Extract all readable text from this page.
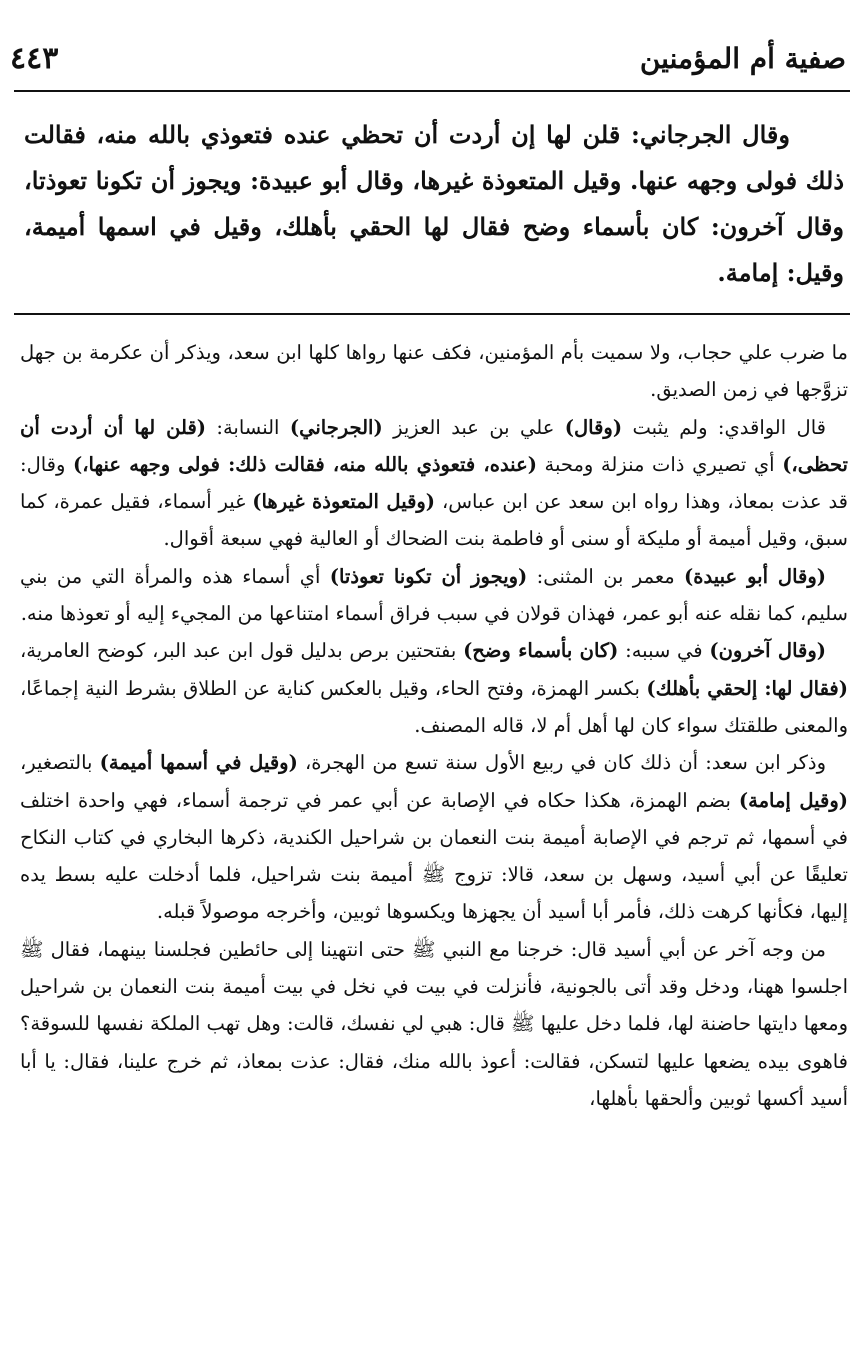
٤٤٣	صفية أم المؤمنين

وقال الجرجاني: قلن لها إن أردت أن تحظي عنده فتعوذي بالله منه، فقالت ذلك فولى وجهه عنها. وقيل المتعوذة غيرها، وقال أبو عبيدة: ويجوز أن تكونا تعوذتا، وقال آخرون: كان بأسماء وضح فقال لها الحقي بأهلك، وقيل في اسمها أميمة، وقيل: إمامة.

ما ضرب علي حجاب، ولا سميت بأم المؤمنين، فكف عنها رواها كلها ابن سعد، ويذكر أن عكرمة بن جهل تزوَّجها في زمن الصديق.

قال الواقدي: ولم يثبت (وقال) علي بن عبد العزيز (الجرجاني) النسابة: (قلن لها أن أردت أن تحظى،) أي تصيري ذات منزلة ومحبة (عنده، فتعوذي بالله منه، فقالت ذلك: فولى وجهه عنها،) وقال: قد عذت بمعاذ، وهذا رواه ابن سعد عن ابن عباس، (وقيل المتعوذة غيرها) غير أسماء، فقيل عمرة، كما سبق، وقيل أميمة أو مليكة أو سنى أو فاطمة بنت الضحاك أو العالية فهي سبعة أقوال.

(وقال أبو عبيدة) معمر بن المثنى: (ويجوز أن تكونا تعوذتا) أي أسماء هذه والمرأة التي من بني سليم، كما نقله عنه أبو عمر، فهذان قولان في سبب فراق أسماء امتناعها من المجيء إليه أو تعوذها منه.

(وقال آخرون) في سببه: (كان بأسماء وضح) بفتحتين برص بدليل قول ابن عبد البر، كوضح العامرية، (فقال لها: إلحقي بأهلك) بكسر الهمزة، وفتح الحاء، وقيل بالعكس كناية عن الطلاق بشرط النية إجماعًا، والمعنى طلقتك سواء كان لها أهل أم لا، قاله المصنف.

وذكر ابن سعد: أن ذلك كان في ربيع الأول سنة تسع من الهجرة، (وقيل في أسمها أميمة) بالتصغير، (وقيل إمامة) بضم الهمزة، هكذا حكاه في الإصابة عن أبي عمر في ترجمة أسماء، فهي واحدة اختلف في أسمها، ثم ترجم في الإصابة أميمة بنت النعمان بن شراحيل الكندية، ذكرها البخاري في كتاب النكاح تعليقًا عن أبي أسيد، وسهل بن سعد، قالا: تزوج ﷺ أميمة بنت شراحيل، فلما أدخلت عليه بسط يده إليها، فكأنها كرهت ذلك، فأمر أبا أسيد أن يجهزها ويكسوها ثوبين، وأخرجه موصولاً قبله.

من وجه آخر عن أبي أسيد قال: خرجنا مع النبي ﷺ حتى انتهينا إلى حائطين فجلسنا بينهما، فقال ﷺ اجلسوا ههنا، ودخل وقد أتى بالجونية، فأنزلت في بيت في نخل في بيت أميمة بنت النعمان بن شراحيل ومعها دايتها حاضنة لها، فلما دخل عليها ﷺ قال: هبي لي نفسك، قالت: وهل تهب الملكة نفسها للسوقة؟ فاهوى بيده يضعها عليها لتسكن، فقالت: أعوذ بالله منك، فقال: عذت بمعاذ، ثم خرج علينا، فقال: يا أبا أسيد أكسها ثوبين وألحقها بأهلها،
